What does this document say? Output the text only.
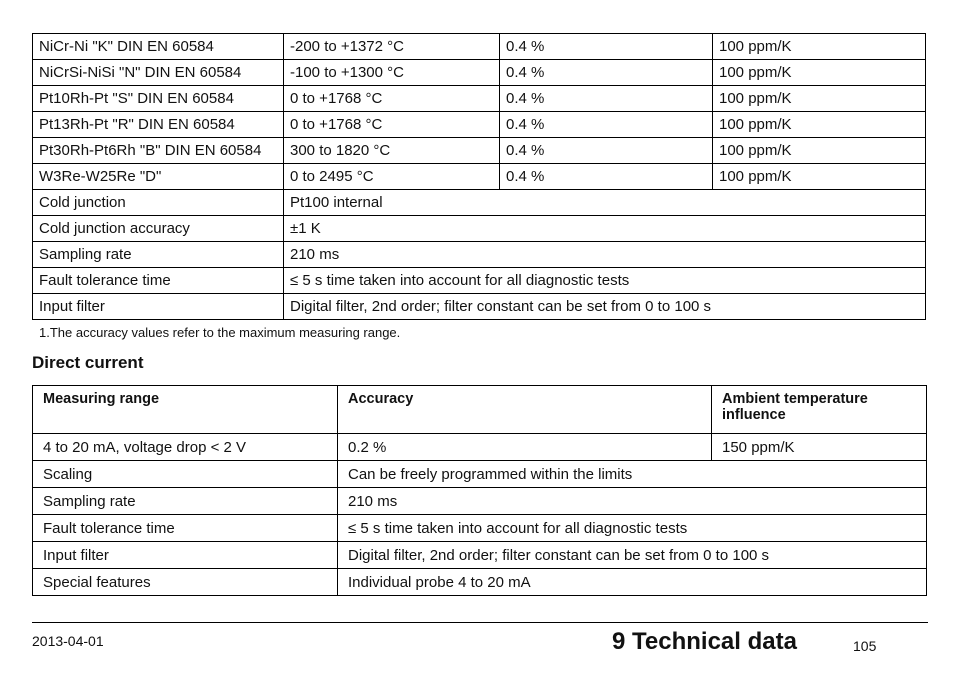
NiCr-Ni "K" DIN EN 60584	-200 to +1372 °C	0.4 %	100 ppm/K
NiCrSi-NiSi "N" DIN EN 60584	-100 to +1300 °C	0.4 %	100 ppm/K
Pt10Rh-Pt "S" DIN EN 60584	0 to +1768 °C	0.4 %	100 ppm/K
Pt13Rh-Pt "R" DIN EN 60584	0 to +1768 °C	0.4 %	100 ppm/K
Pt30Rh-Pt6Rh "B" DIN EN 60584	300 to 1820 °C	0.4 %	100 ppm/K
W3Re-W25Re "D"	0 to 2495 °C	0.4 %	100 ppm/K
Cold junction	Pt100 internal		
Cold junction accuracy	±1 K		
Sampling rate	210 ms		
Fault tolerance time	≤ 5 s time taken into account for all diagnostic tests		
Input filter	Digital filter, 2nd order; filter constant can be set from 0 to 100 s		
1.The accuracy values refer to the maximum measuring range.
Direct current
Measuring range	Accuracy	Ambient temperature influence
4 to 20 mA, voltage drop < 2 V	0.2 %	150 ppm/K
Scaling	Can be freely programmed within the limits	
Sampling rate	210 ms	
Fault tolerance time	≤ 5 s time taken into account for all diagnostic tests	
Input filter	Digital filter, 2nd order; filter constant can be set from 0 to 100 s	
Special features	Individual probe 4 to 20 mA	
2013-04-01	9 Technical data	105
